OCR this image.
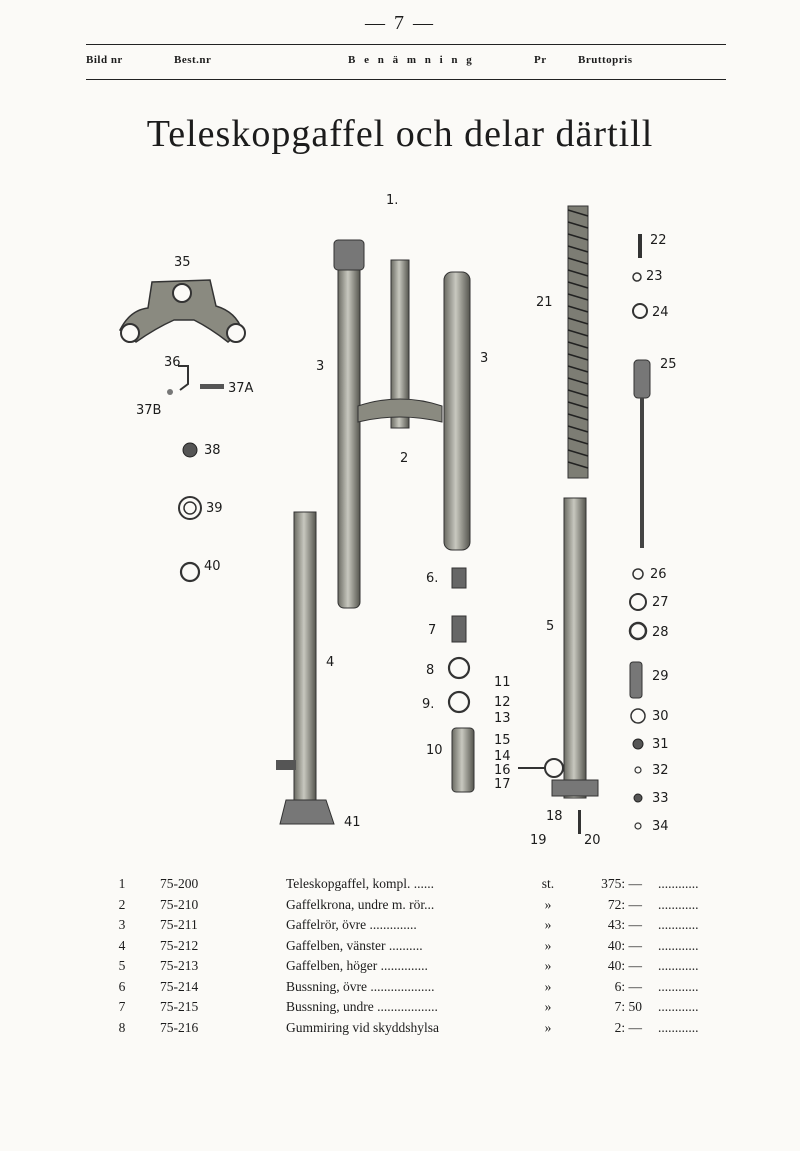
— 7 —
Bild nr	Best.nr	B e n ä m n i n g	Pr	Bruttopris
Teleskopgaffel och delar därtill
1.
2
3
3
4
5
6.
7
8
9.
10
11
12
13
14
15
16
17
18
19	20
21
22
23
24
25
26
27
28
29
30
31
32
33
34
35
36
37A
37B
38
39
40
41
1	75-200	Teleskopgaffel, kompl. ......	st.	375: — ............
2	75-210	Gaffelkrona, undre m. rör...	»	72: — ............
3	75-211	Gaffelrör, övre ..............	»	43: — ............
4	75-212	Gaffelben, vänster ..........	»	40: — ............
5	75-213	Gaffelben, höger ..............	»	40: — ............
6	75-214	Bussning, övre ...................	»	6: — ............
7	75-215	Bussning, undre ..................	»	7: 50 ............
8	75-216	Gummiring vid skyddshylsa	»	2: — ............
